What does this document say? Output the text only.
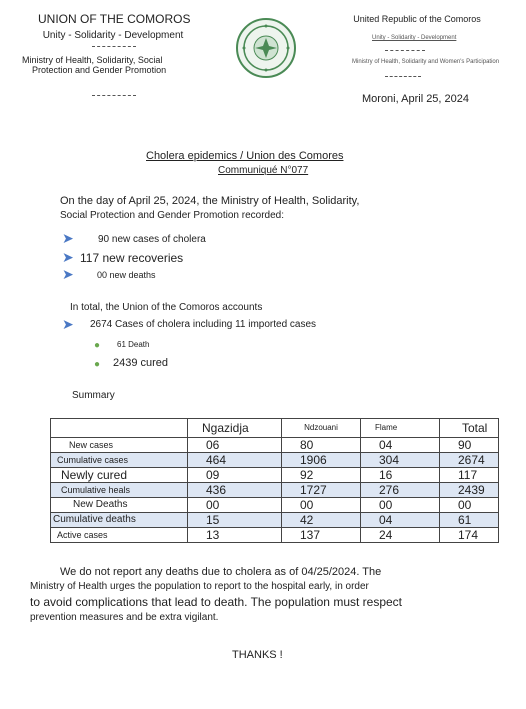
UNION OF THE COMOROS
Unity - Solidarity - Development
Ministry of Health, Solidarity, Social
Protection and Gender Promotion
United Republic of the Comoros
Unity - Solidarity - Development
Ministry of Health, Solidarity and Women's Participation
Moroni, April 25, 2024
Cholera epidemics / Union des Comores
Communiqué N°077
On the day of April 25, 2024, the Ministry of Health, Solidarity,
Social Protection and Gender Promotion recorded:
➤ 90 new cases of cholera
➤ 117 new recoveries
➤	00 new deaths
In total, the Union of the Comoros accounts
➤ 2674 Cases of cholera including 11 imported cases
● 61 Death
● 2439 cured
Summary
	Ngazidja	Ndzouani	Flame	Total
New cases	06	80	04	90
Cumulative cases	464	1906	304	2674
Newly cured	09	92	16	117
Cumulative heals	436	1727	276	2439
New Deaths	00	00	00	00
Cumulative deaths	15	42	04	61
Active cases	13	137	24	174
We do not report any deaths due to cholera as of 04/25/2024. The
Ministry of Health urges the population to report to the hospital early, in order
to avoid complications that lead to death. The population must respect
prevention measures and be extra vigilant.
THANKS !
